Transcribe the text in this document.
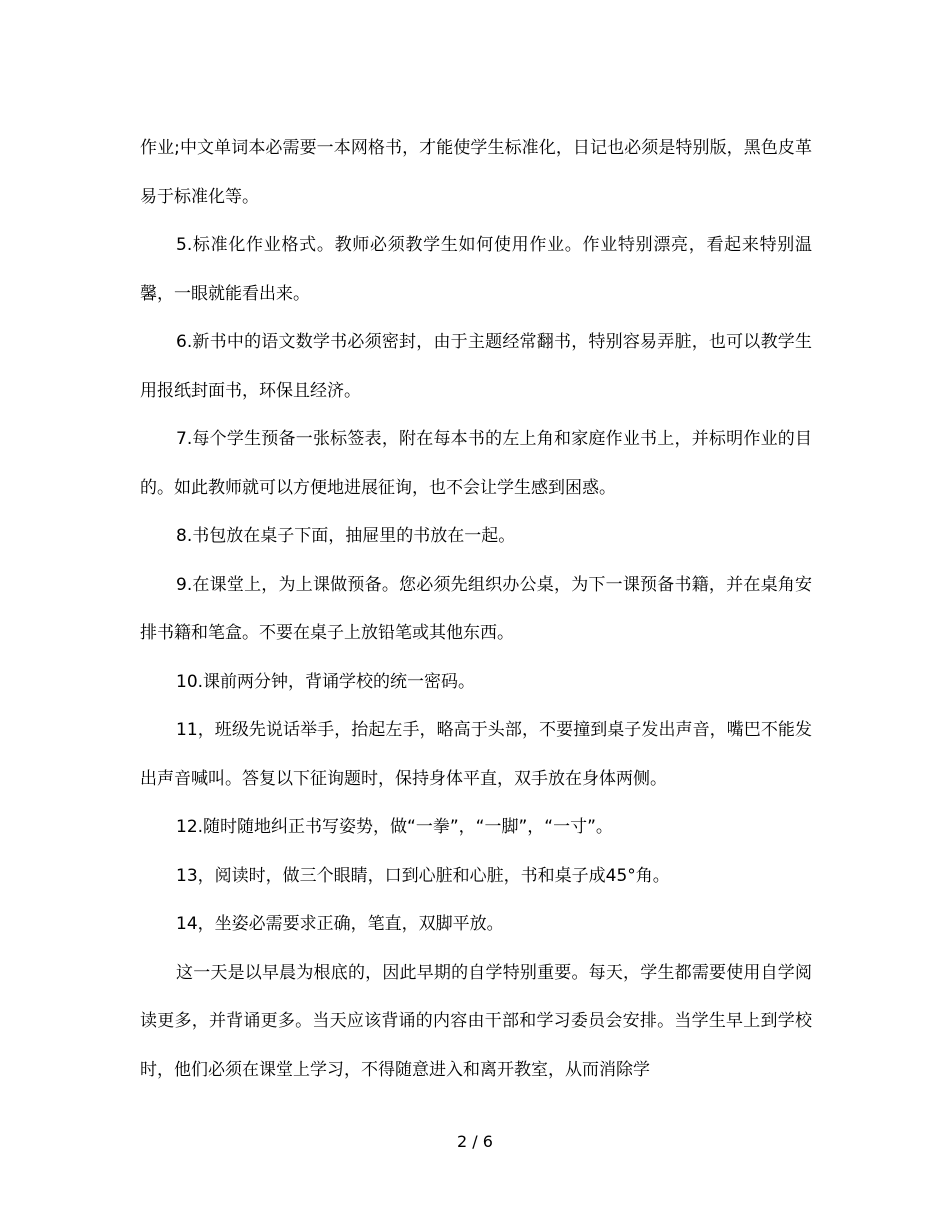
作业;中文单词本必需要一本网格书，才能使学生标准化，日记也必须是特别版，黑色皮革易于标准化等。

5.标准化作业格式。教师必须教学生如何使用作业。作业特别漂亮，看起来特别温馨，一眼就能看出来。

6.新书中的语文数学书必须密封，由于主题经常翻书，特别容易弄脏，也可以教学生用报纸封面书，环保且经济。

7.每个学生预备一张标签表，附在每本书的左上角和家庭作业书上，并标明作业的目的。如此教师就可以方便地进展征询，也不会让学生感到困惑。

8.书包放在桌子下面，抽屉里的书放在一起。

9.在课堂上，为上课做预备。您必须先组织办公桌，为下一课预备书籍，并在桌角安排书籍和笔盒。不要在桌子上放铅笔或其他东西。

10.课前两分钟，背诵学校的统一密码。

11，班级先说话举手，抬起左手，略高于头部，不要撞到桌子发出声音，嘴巴不能发出声音喊叫。答复以下征询题时，保持身体平直，双手放在身体两侧。

12.随时随地纠正书写姿势，做“一拳”，“一脚”，“一寸”。

13，阅读时，做三个眼睛，口到心脏和心脏，书和桌子成45°角。

14，坐姿必需要求正确，笔直，双脚平放。

这一天是以早晨为根底的，因此早期的自学特别重要。每天，学生都需要使用自学阅读更多，并背诵更多。当天应该背诵的内容由干部和学习委员会安排。当学生早上到学校时，他们必须在课堂上学习，不得随意进入和离开教室，从而消除学

2 / 6
